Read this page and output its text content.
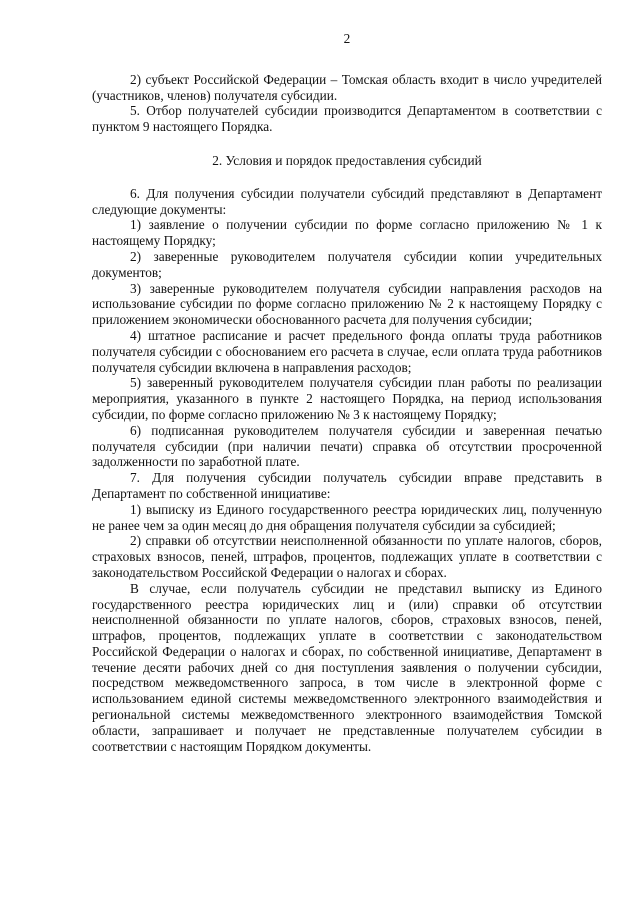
2

2) субъект Российской Федерации – Томская область входит в число учредителей (участников, членов) получателя субсидии.

5. Отбор получателей субсидии производится Департаментом в соответствии с пунктом 9 настоящего Порядка.

2. Условия и порядок предоставления субсидий

6. Для получения субсидии получатели субсидий представляют в Департамент следующие документы:

1) заявление о получении субсидии по форме согласно приложению № 1 к настоящему Порядку;

2) заверенные руководителем получателя субсидии копии учредительных документов;

3) заверенные руководителем получателя субсидии направления расходов на использование субсидии по форме согласно приложению № 2 к настоящему Порядку с приложением экономически обоснованного расчета для получения субсидии;

4) штатное расписание и расчет предельного фонда оплаты труда работников получателя субсидии с обоснованием его расчета в случае, если оплата труда работников получателя субсидии включена в направления расходов;

5) заверенный руководителем получателя субсидии план работы по реализации мероприятия, указанного в пункте 2 настоящего Порядка, на период использования субсидии, по форме согласно приложению № 3 к настоящему Порядку;

6) подписанная руководителем получателя субсидии и заверенная печатью получателя субсидии (при наличии печати) справка об отсутствии просроченной задолженности по заработной плате.

7. Для получения субсидии получатель субсидии вправе представить в Департамент по собственной инициативе:

1) выписку из Единого государственного реестра юридических лиц, полученную не ранее чем за один месяц до дня обращения получателя субсидии за субсидией;

2) справки об отсутствии неисполненной обязанности по уплате налогов, сборов, страховых взносов, пеней, штрафов, процентов, подлежащих уплате в соответствии с законодательством Российской Федерации о налогах и сборах.

В случае, если получатель субсидии не представил выписку из Единого государственного реестра юридических лиц и (или) справки об отсутствии неисполненной обязанности по уплате налогов, сборов, страховых взносов, пеней, штрафов, процентов, подлежащих уплате в соответствии с законодательством Российской Федерации о налогах и сборах, по собственной инициативе, Департамент в течение десяти рабочих дней со дня поступления заявления о получении субсидии, посредством межведомственного запроса, в том числе в электронной форме с использованием единой системы межведомственного электронного взаимодействия и региональной системы межведомственного электронного взаимодействия Томской области, запрашивает и получает не представленные получателем субсидии в соответствии с настоящим Порядком документы.
